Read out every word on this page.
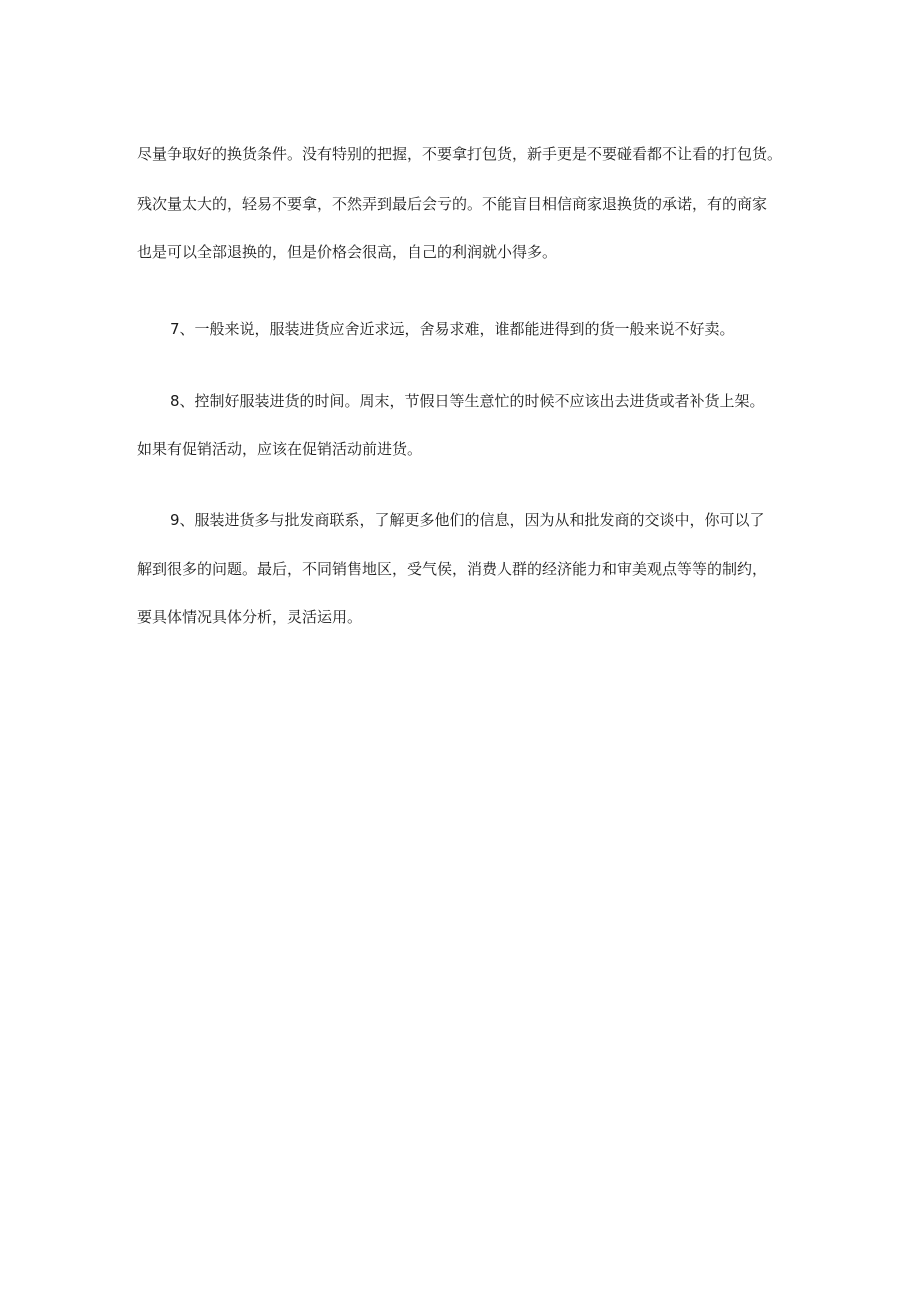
尽量争取好的换货条件。没有特别的把握，不要拿打包货，新手更是不要碰看都不让看的打包货。
残次量太大的，轻易不要拿，不然弄到最后会亏的。不能盲目相信商家退换货的承诺，有的商家
也是可以全部退换的，但是价格会很高，自己的利润就小得多。
7、一般来说，服装进货应舍近求远，舍易求难，谁都能进得到的货一般来说不好卖。
8、控制好服装进货的时间。周末，节假日等生意忙的时候不应该出去进货或者补货上架。
如果有促销活动，应该在促销活动前进货。
9、服装进货多与批发商联系，了解更多他们的信息，因为从和批发商的交谈中，你可以了
解到很多的问题。最后，不同销售地区，受气侯，消费人群的经济能力和审美观点等等的制约，
要具体情况具体分析，灵活运用。
